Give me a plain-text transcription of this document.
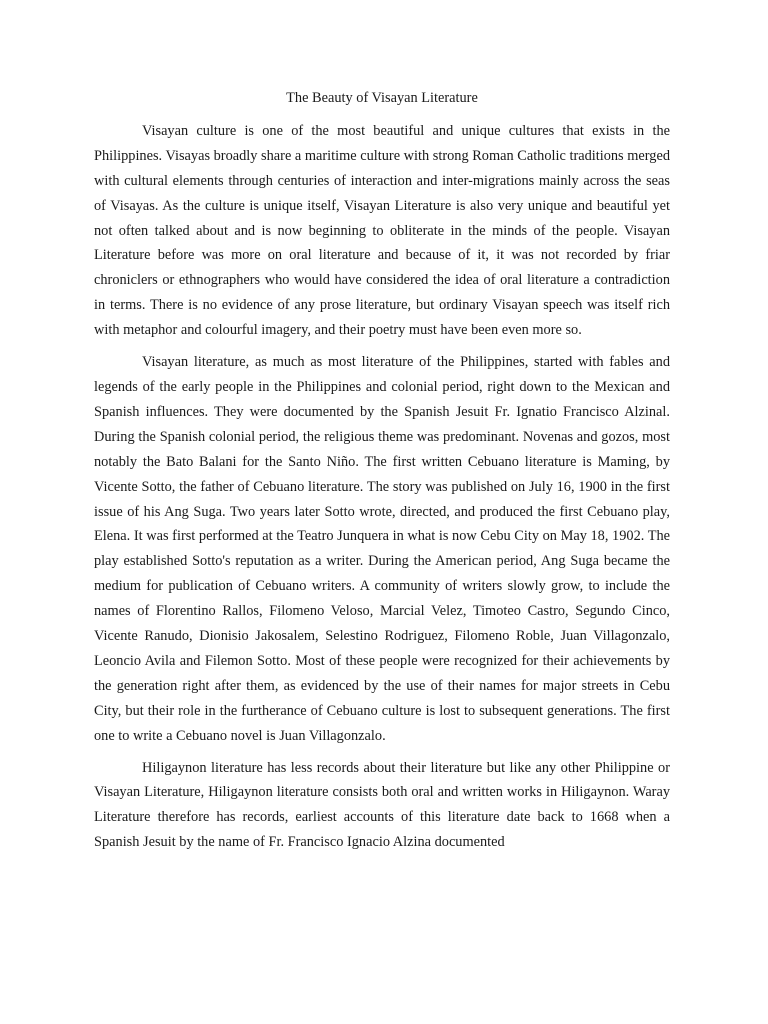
The Beauty of Visayan Literature

Visayan culture is one of the most beautiful and unique cultures that exists in the Philippines. Visayas broadly share a maritime culture with strong Roman Catholic traditions merged with cultural elements through centuries of interaction and inter-migrations mainly across the seas of Visayas. As the culture is unique itself, Visayan Literature is also very unique and beautiful yet not often talked about and is now beginning to obliterate in the minds of the people. Visayan Literature before was more on oral literature and because of it, it was not recorded by friar chroniclers or ethnographers who would have considered the idea of oral literature a contradiction in terms. There is no evidence of any prose literature, but ordinary Visayan speech was itself rich with metaphor and colourful imagery, and their poetry must have been even more so.

Visayan literature, as much as most literature of the Philippines, started with fables and legends of the early people in the Philippines and colonial period, right down to the Mexican and Spanish influences. They were documented by the Spanish Jesuit Fr. Ignatio Francisco Alzinal. During the Spanish colonial period, the religious theme was predominant. Novenas and gozos, most notably the Bato Balani for the Santo Niño. The first written Cebuano literature is Maming, by Vicente Sotto, the father of Cebuano literature. The story was published on July 16, 1900 in the first issue of his Ang Suga. Two years later Sotto wrote, directed, and produced the first Cebuano play, Elena. It was first performed at the Teatro Junquera in what is now Cebu City on May 18, 1902. The play established Sotto's reputation as a writer. During the American period, Ang Suga became the medium for publication of Cebuano writers. A community of writers slowly grow, to include the names of Florentino Rallos, Filomeno Veloso, Marcial Velez, Timoteo Castro, Segundo Cinco, Vicente Ranudo, Dionisio Jakosalem, Selestino Rodriguez, Filomeno Roble, Juan Villagonzalo, Leoncio Avila and Filemon Sotto. Most of these people were recognized for their achievements by the generation right after them, as evidenced by the use of their names for major streets in Cebu City, but their role in the furtherance of Cebuano culture is lost to subsequent generations. The first one to write a Cebuano novel is Juan Villagonzalo.

Hiligaynon literature has less records about their literature but like any other Philippine or Visayan Literature, Hiligaynon literature consists both oral and written works in Hiligaynon. Waray Literature therefore has records, earliest accounts of this literature date back to 1668 when a Spanish Jesuit by the name of Fr. Francisco Ignacio Alzina documented
